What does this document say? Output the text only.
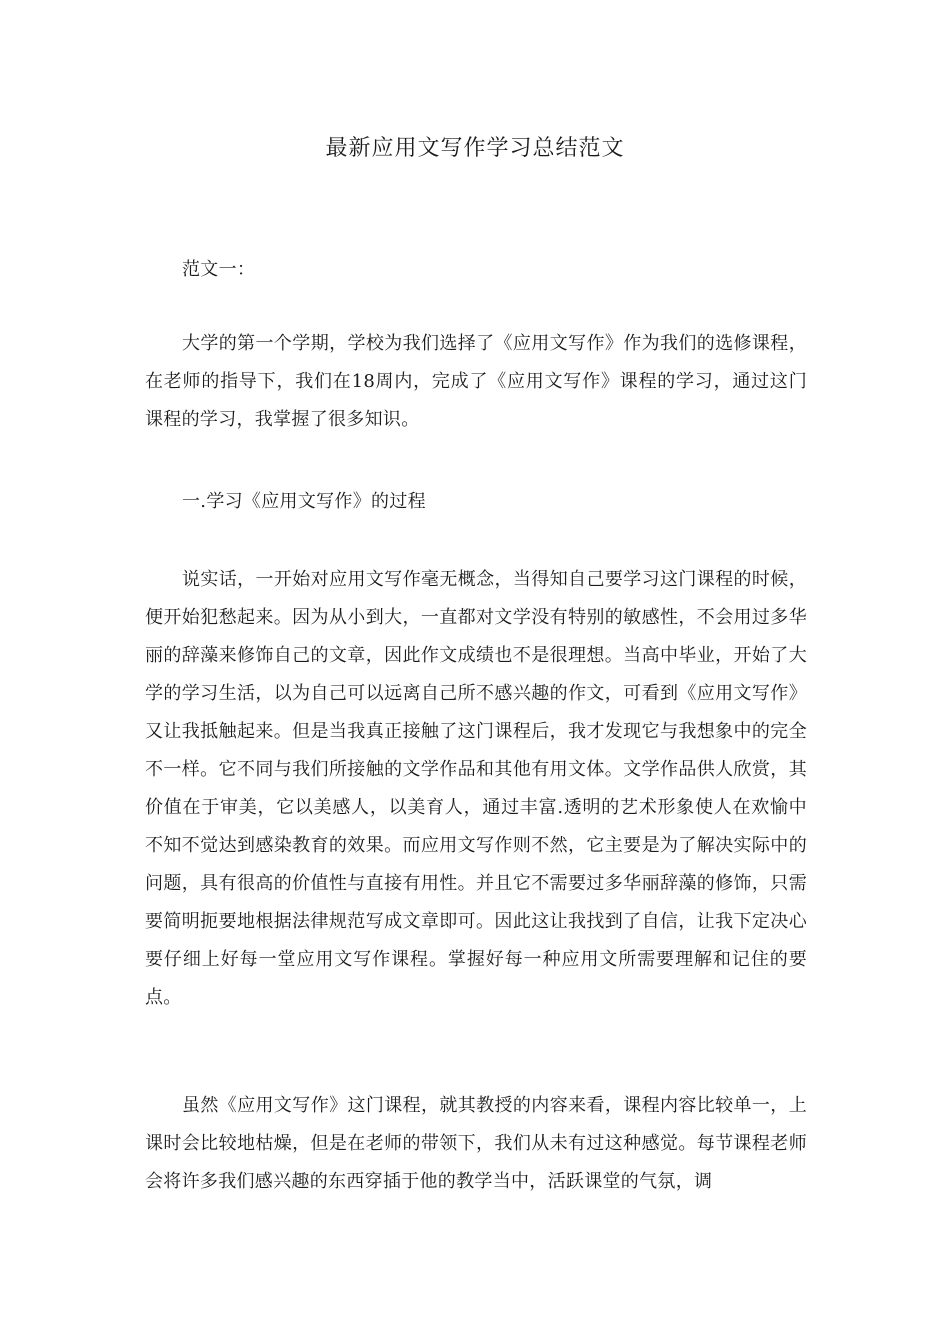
最新应用文写作学习总结范文

范文一：

大学的第一个学期，学校为我们选择了《应用文写作》作为我们的选修课程，在老师的指导下，我们在18周内，完成了《应用文写作》课程的学习，通过这门课程的学习，我掌握了很多知识。

一.学习《应用文写作》的过程

说实话，一开始对应用文写作毫无概念，当得知自己要学习这门课程的时候，便开始犯愁起来。因为从小到大，一直都对文学没有特别的敏感性，不会用过多华丽的辞藻来修饰自己的文章，因此作文成绩也不是很理想。当高中毕业，开始了大学的学习生活，以为自己可以远离自己所不感兴趣的作文，可看到《应用文写作》又让我抵触起来。但是当我真正接触了这门课程后，我才发现它与我想象中的完全不一样。它不同与我们所接触的文学作品和其他有用文体。文学作品供人欣赏，其价值在于审美，它以美感人，以美育人，通过丰富.透明的艺术形象使人在欢愉中不知不觉达到感染教育的效果。而应用文写作则不然，它主要是为了解决实际中的问题，具有很高的价值性与直接有用性。并且它不需要过多华丽辞藻的修饰，只需要简明扼要地根据法律规范写成文章即可。因此这让我找到了自信，让我下定决心要仔细上好每一堂应用文写作课程。掌握好每一种应用文所需要理解和记住的要点。

虽然《应用文写作》这门课程，就其教授的内容来看，课程内容比较单一，上课时会比较地枯燥，但是在老师的带领下，我们从未有过这种感觉。每节课程老师会将许多我们感兴趣的东西穿插于他的教学当中，活跃课堂的气氛，调
